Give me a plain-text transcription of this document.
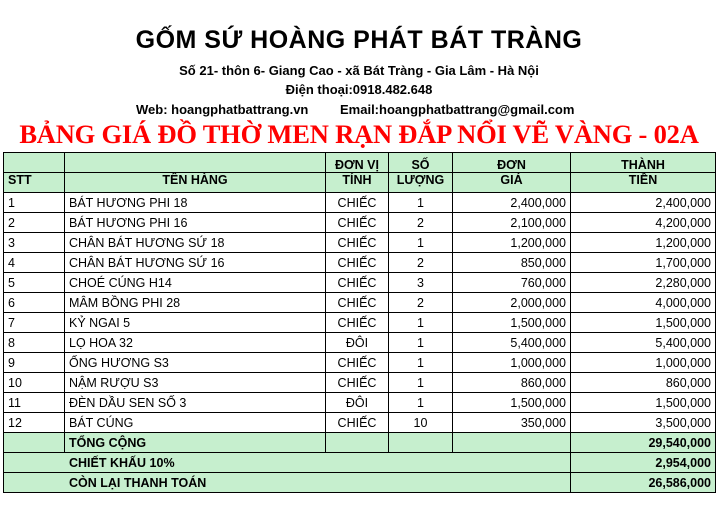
GỐM SỨ HOÀNG PHÁT BÁT TRÀNG
Số 21- thôn 6- Giang Cao - xã Bát Tràng - Gia Lâm - Hà Nội
Điện thoại:0918.482.648
Web: hoangphatbattrang.vn Email:hoangphatbattrang@gmail.com
BẢNG GIÁ ĐỒ THỜ MEN RẠN ĐẮP NỔI VẼ VÀNG - 02A
		ĐƠN VỊ	SỐ	ĐƠN	THÀNH
STT	TÊN HÀNG	TÍNH	LƯỢNG	GIÁ	TIỀN
1	BÁT HƯƠNG PHI 18	CHIẾC	1	2,400,000	2,400,000
2	BÁT HƯƠNG PHI 16	CHIẾC	2	2,100,000	4,200,000
3	CHÂN BÁT HƯƠNG SỨ 18	CHIẾC	1	1,200,000	1,200,000
4	CHÂN BÁT HƯƠNG SỨ 16	CHIẾC	2	850,000	1,700,000
5	CHOÉ CÚNG H14	CHIẾC	3	760,000	2,280,000
6	MÂM BỒNG PHI 28	CHIẾC	2	2,000,000	4,000,000
7	KỶ NGAI 5	CHIẾC	1	1,500,000	1,500,000
8	LỌ HOA 32	ĐÔI	1	5,400,000	5,400,000
9	ỐNG HƯƠNG S3	CHIẾC	1	1,000,000	1,000,000
10	NẬM RƯỢU S3	CHIẾC	1	860,000	860,000
11	ĐÈN DẦU SEN SỐ 3	ĐÔI	1	1,500,000	1,500,000
12	BÁT CÚNG	CHIẾC	10	350,000	3,500,000
	TỔNG CỘNG				29,540,000
CHIẾT KHẤU 10%					2,954,000
CÒN LẠI THANH TOÁN					26,586,000
